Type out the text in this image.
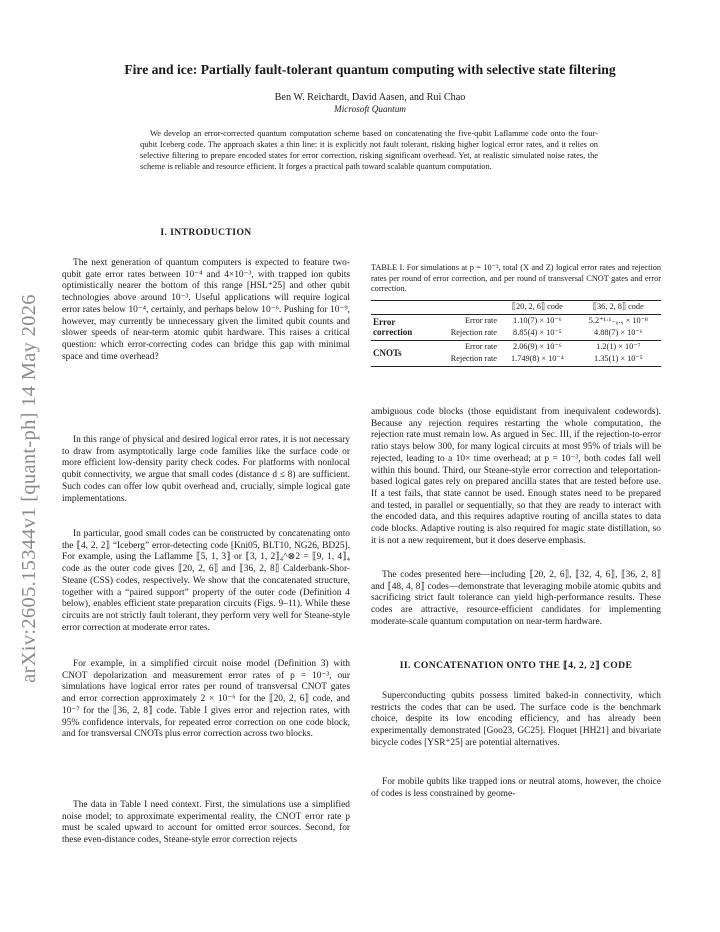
arXiv:2605.15344v1 [quant-ph] 14 May 2026
Fire and ice: Partially fault-tolerant quantum computing with selective state filtering
Ben W. Reichardt, David Aasen, and Rui Chao
Microsoft Quantum

We develop an error-corrected quantum computation scheme based on concatenating the five-qubit Laflamme code onto the four-qubit Iceberg code. The approach skates a thin line: it is explicitly not fault tolerant, risking higher logical error rates, and it relies on selective filtering to prepare encoded states for error correction, risking significant overhead. Yet, at realistic simulated noise rates, the scheme is reliable and resource efficient. It forges a practical path toward scalable quantum computation.

I. INTRODUCTION

The next generation of quantum computers is expected to feature two-qubit gate error rates between 10⁻⁴ and 4×10⁻³, with trapped ion qubits optimistically nearer the bottom of this range [HSL⁺25] and other qubit technologies above around 10⁻³. Useful applications will require logical error rates below 10⁻⁴, certainly, and perhaps below 10⁻⁶. Pushing for 10⁻⁹, however, may currently be unnecessary given the limited qubit counts and slower speeds of near-term atomic qubit hardware. This raises a critical question: which error-correcting codes can bridge this gap with minimal space and time overhead?

In this range of physical and desired logical error rates, it is not necessary to draw from asymptotically large code families like the surface code or more efficient low-density parity check codes. For platforms with nonlocal qubit connectivity, we argue that small codes (distance d ≤ 8) are sufficient. Such codes can offer low qubit overhead and, crucially, simple logical gate implementations.

In particular, good small codes can be constructed by concatenating onto the ⟦4, 2, 2⟧ “Iceberg” error-detecting code [Kni05, BLT10, NG26, BD25]. For example, using the Laflamme ⟦5, 1, 3⟧ or ⟦3, 1, 2⟧₄^⊗2 = ⟦9, 1, 4⟧₄ code as the outer code gives ⟦20, 2, 6⟧ and ⟦36, 2, 8⟧ Calderbank-Shor-Steane (CSS) codes, respectively. We show that the concatenated structure, together with a “paired support” property of the outer code (Definition 4 below), enables efficient state preparation circuits (Figs. 9–11). While these circuits are not strictly fault tolerant, they perform very well for Steane-style error correction at moderate error rates.

For example, in a simplified circuit noise model (Definition 3) with CNOT depolarization and measurement error rates of p = 10⁻³, our simulations have logical error rates per round of transversal CNOT gates and error correction approximately 2 × 10⁻⁶ for the ⟦20, 2, 6⟧ code, and 10⁻⁷ for the ⟦36, 2, 8⟧ code. Table I gives error and rejection rates, with 95% confidence intervals, for repeated error correction on one code block, and for transversal CNOTs plus error correction across two blocks.

The data in Table I need context. First, the simulations use a simplified noise model; to approximate experimental reality, the CNOT error rate p must be scaled upward to account for omitted error sources. Second, for these even-distance codes, Steane-style error correction rejects

TABLE I. For simulations at p = 10⁻³, total (X and Z) logical error rates and rejection rates per round of error correction, and per round of transversal CNOT gates and error correction.

		⟦20, 2, 6⟧ code	⟦36, 2, 8⟧ code
Error
correction	Error rate	1.10(7) × 10⁻⁶	5.2⁺¹·¹₋₀.₉ × 10⁻⁸
	Rejection rate	8.85(4) × 10⁻⁵	4.88(7) × 10⁻⁶
CNOTs	Error rate	2.06(9) × 10⁻⁶	1.2(1) × 10⁻⁷
	Rejection rate	1.749(8) × 10⁻⁴	1.35(1) × 10⁻⁵

ambiguous code blocks (those equidistant from inequivalent codewords). Because any rejection requires restarting the whole computation, the rejection rate must remain low. As argued in Sec. III, if the rejection-to-error ratio stays below 300, for many logical circuits at most 95% of trials will be rejected, leading to a 10× time overhead; at p = 10⁻³, both codes fall well within this bound. Third, our Steane-style error correction and teleportation-based logical gates rely on prepared ancilla states that are tested before use. If a test fails, that state cannot be used. Enough states need to be prepared and tested, in parallel or sequentially, so that they are ready to interact with the encoded data, and this requires adaptive routing of ancilla states to data code blocks. Adaptive routing is also required for magic state distillation, so it is not a new requirement, but it does deserve emphasis.

The codes presented here—including ⟦20, 2, 6⟧, ⟦32, 4, 6⟧, ⟦36, 2, 8⟧ and ⟦48, 4, 8⟧ codes—demonstrate that leveraging mobile atomic qubits and sacrificing strict fault tolerance can yield high-performance results. These codes are attractive, resource-efficient candidates for implementing moderate-scale quantum computation on near-term hardware.

II. CONCATENATION ONTO THE ⟦4, 2, 2⟧ CODE

Superconducting qubits possess limited baked-in connectivity, which restricts the codes that can be used. The surface code is the benchmark choice, despite its low encoding efficiency, and has already been experimentally demonstrated [Goo23, GC25]. Floquet [HH21] and bivariate bicycle codes [YSR⁺25] are potential alternatives.

For mobile qubits like trapped ions or neutral atoms, however, the choice of codes is less constrained by geome-
